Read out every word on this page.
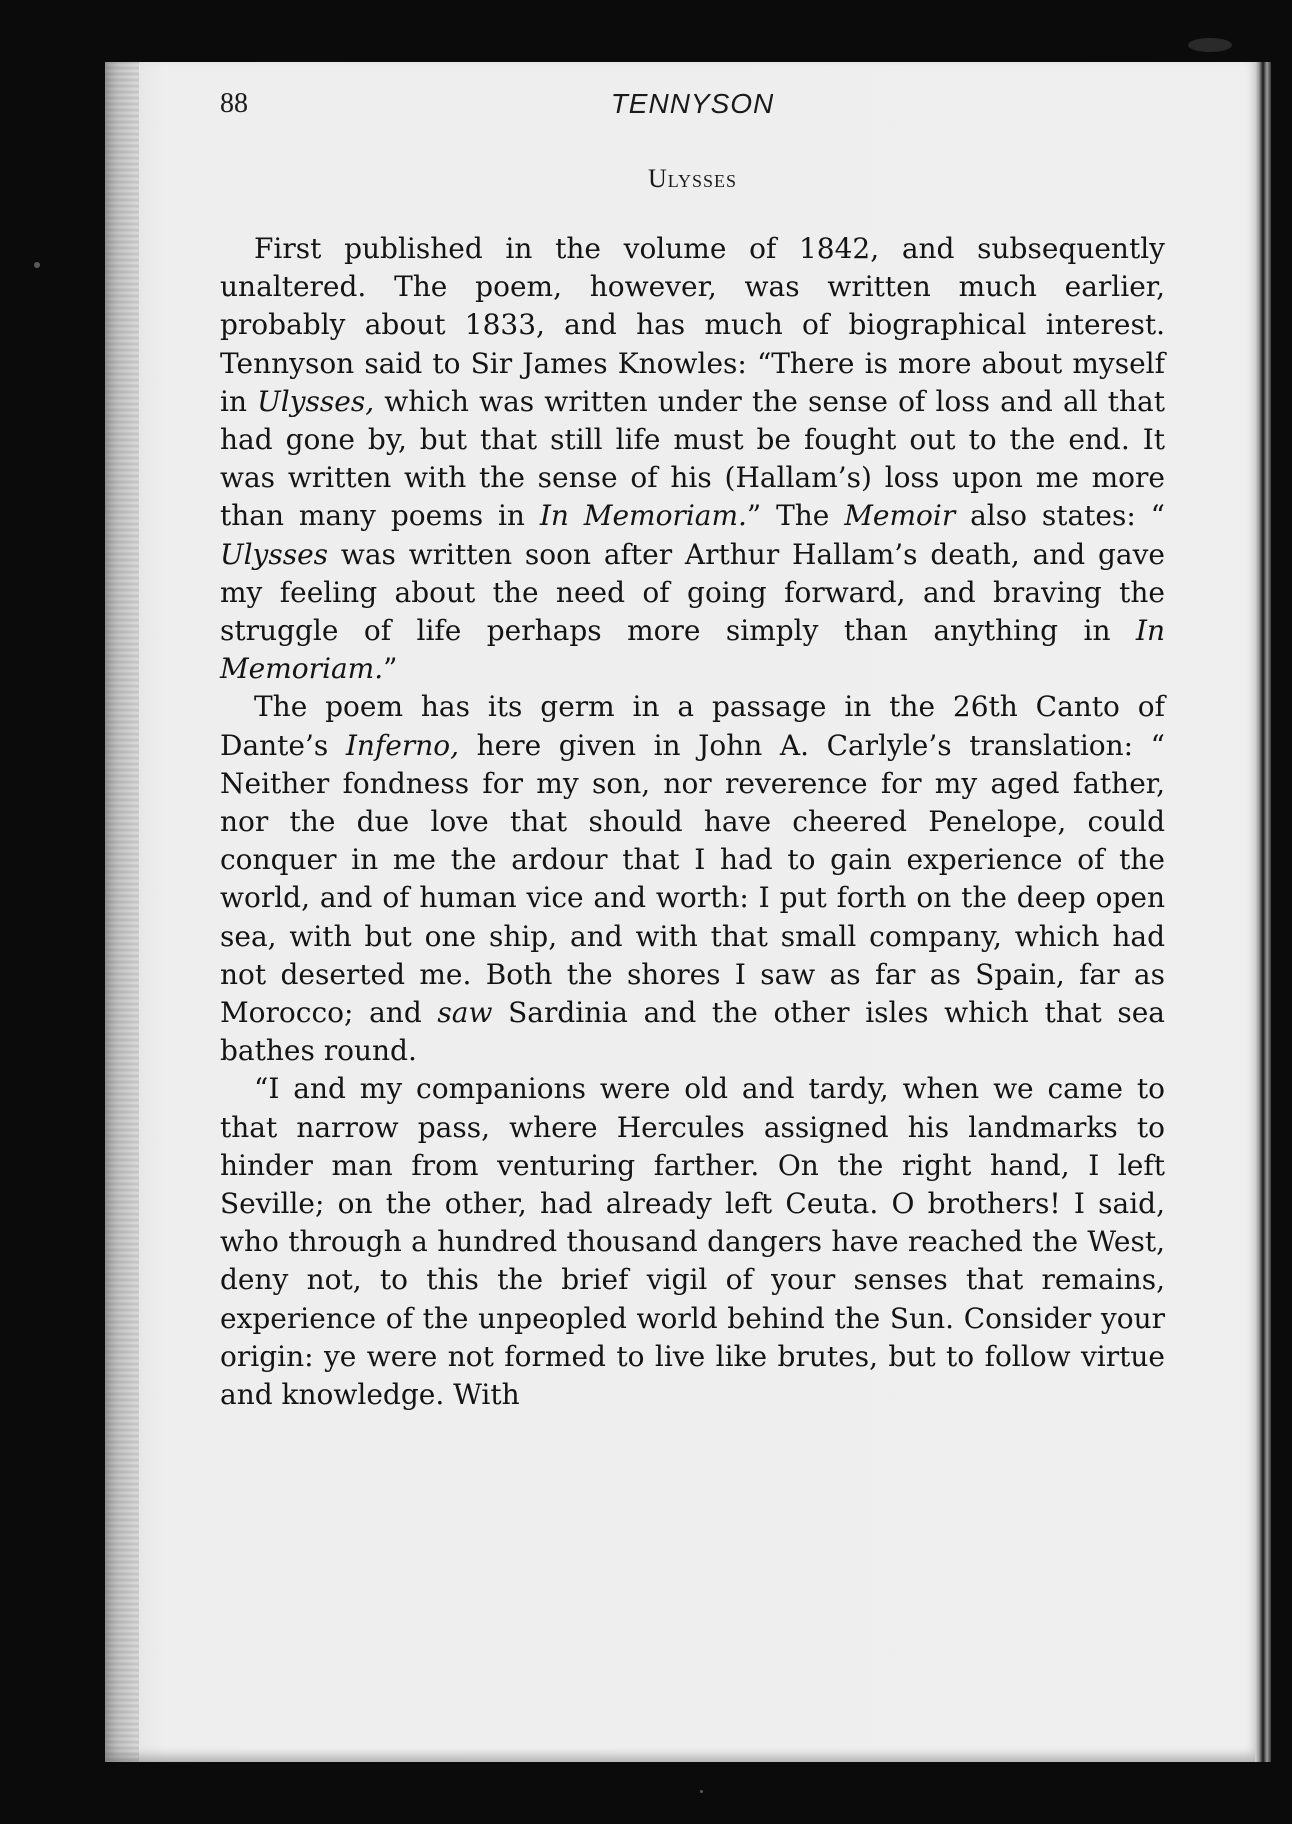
88	TENNYSON
Ulysses

First published in the volume of 1842, and subsequently unaltered. The poem, however, was written much earlier, probably about 1833, and has much of biographical interest. Tennyson said to Sir James Knowles: “There is more about myself in Ulysses, which was written under the sense of loss and all that had gone by, but that still life must be fought out to the end. It was written with the sense of his (Hallam’s) loss upon me more than many poems in In Memoriam.” The Memoir also states: “ Ulysses was written soon after Arthur Hallam’s death, and gave my feeling about the need of going forward, and braving the struggle of life perhaps more simply than anything in In Memoriam.”

The poem has its germ in a passage in the 26th Canto of Dante’s Inferno, here given in John A. Carlyle’s translation: “ Neither fondness for my son, nor reverence for my aged father, nor the due love that should have cheered Penelope, could conquer in me the ardour that I had to gain experience of the world, and of human vice and worth: I put forth on the deep open sea, with but one ship, and with that small company, which had not deserted me. Both the shores I saw as far as Spain, far as Morocco; and saw Sardinia and the other isles which that sea bathes round.

“I and my companions were old and tardy, when we came to that narrow pass, where Hercules assigned his landmarks to hinder man from venturing farther. On the right hand, I left Seville; on the other, had already left Ceuta. O brothers! I said, who through a hundred thousand dangers have reached the West, deny not, to this the brief vigil of your senses that remains, experience of the unpeopled world behind the Sun. Consider your origin: ye were not formed to live like brutes, but to follow virtue and knowledge. With
